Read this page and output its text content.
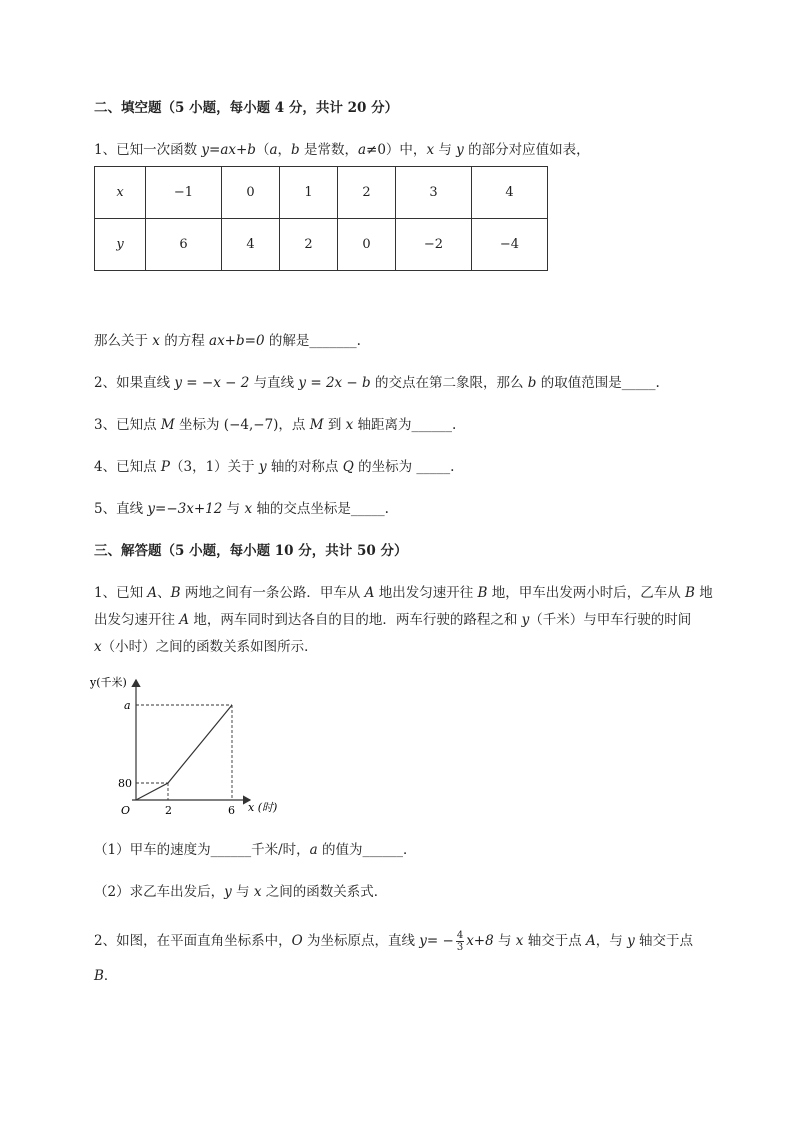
二、填空题（5 小题，每小题 4 分，共计 20 分）
1、已知一次函数 y=ax+b（a，b 是常数，a≠0）中，x 与 y 的部分对应值如表，
x	−1	0	1	2	3	4
y	6	4	2	0	−2	−4
那么关于 x 的方程 ax+b=0 的解是_______.
2、如果直线 y = −x − 2 与直线 y = 2x − b 的交点在第二象限，那么 b 的取值范围是_____.
3、已知点 M 坐标为 (−4,−7)，点 M 到 x 轴距离为______.
4、已知点 P（3，1）关于 y 轴的对称点 Q 的坐标为 _____.
5、直线 y=−3x+12 与 x 轴的交点坐标是_____.
三、解答题（5 小题，每小题 10 分，共计 50 分）
1、已知 A、B 两地之间有一条公路．甲车从 A 地出发匀速开往 B 地，甲车出发两小时后，乙车从 B 地
出发匀速开往 A 地，两车同时到达各自的目的地．两车行驶的路程之和 y（千米）与甲车行驶的时间
x（小时）之间的函数关系如图所示．
y(千米)
x (时)
O
a
80
2	6
（1）甲车的速度为______千米/时，a 的值为______．
（2）求乙车出发后，y 与 x 之间的函数关系式．
2、如图，在平面直角坐标系中，O 为坐标原点，直线 $y= - \frac{4}{3} x+8$ 与 x 轴交于点 A，与 y 轴交于点
B．
